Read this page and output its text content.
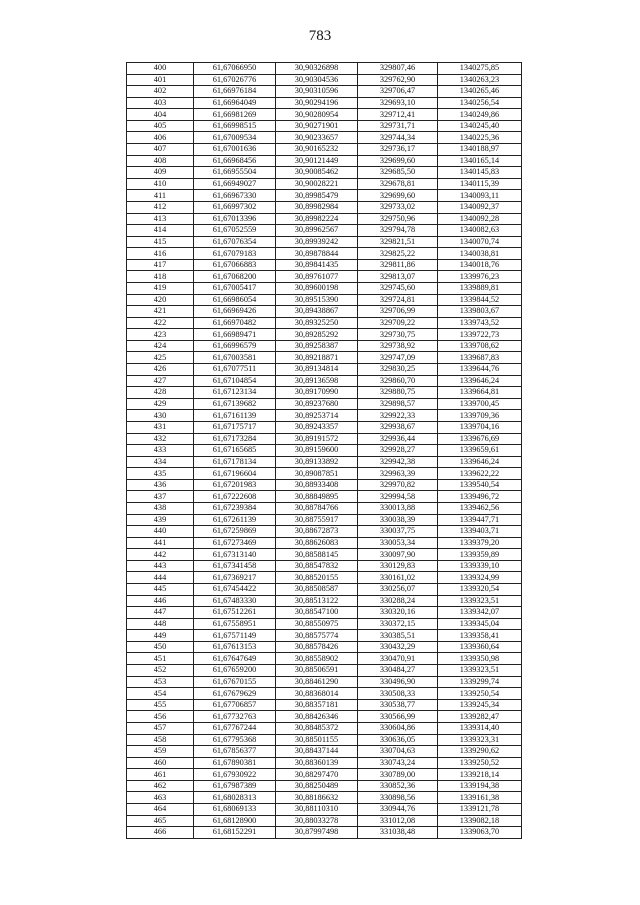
783
400	61,67066950	30,90326898	329807,46	1340275,85
401	61,67026776	30,90304536	329762,90	1340263,23
402	61,66976184	30,90310596	329706,47	1340265,46
403	61,66964049	30,90294196	329693,10	1340256,54
404	61,66981269	30,90280954	329712,41	1340249,86
405	61,66998515	30,90271901	329731,71	1340245,40
406	61,67009534	30,90233657	329744,34	1340225,36
407	61,67001636	30,90165232	329736,17	1340188,97
408	61,66968456	30,90121449	329699,60	1340165,14
409	61,66955504	30,90085462	329685,50	1340145,83
410	61,66949027	30,90028221	329678,81	1340115,39
411	61,66967330	30,89985479	329699,60	1340093,11
412	61,66997302	30,89982984	329733,02	1340092,37
413	61,67013396	30,89982224	329750,96	1340092,28
414	61,67052559	30,89962567	329794,78	1340082,63
415	61,67076354	30,89939242	329821,51	1340070,74
416	61,67079183	30,89878844	329825,22	1340038,81
417	61,67066883	30,89841435	329811,86	1340018,76
418	61,67068200	30,89761077	329813,07	1339976,23
419	61,67005417	30,89600198	329745,60	1339889,81
420	61,66986054	30,89515390	329724,81	1339844,52
421	61,66969426	30,89438867	329706,99	1339803,67
422	61,66970482	30,89325250	329709,22	1339743,52
423	61,66989471	30,89285292	329730,75	1339722,73
424	61,66996579	30,89258387	329738,92	1339708,62
425	61,67003581	30,89218871	329747,09	1339687,83
426	61,67077511	30,89134814	329830,25	1339644,76
427	61,67104854	30,89136598	329860,70	1339646,24
428	61,67123134	30,89170990	329880,75	1339664,81
429	61,67139682	30,89237680	329898,57	1339700,45
430	61,67161139	30,89253714	329922,33	1339709,36
431	61,67175717	30,89243357	329938,67	1339704,16
432	61,67173284	30,89191572	329936,44	1339676,69
433	61,67165685	30,89159600	329928,27	1339659,61
434	61,67178134	30,89133892	329942,38	1339646,24
435	61,67196604	30,89087851	329963,39	1339622,22
436	61,67201983	30,88933408	329970,82	1339540,54
437	61,67222608	30,88849895	329994,58	1339496,72
438	61,67239384	30,88784766	330013,88	1339462,56
439	61,67261139	30,88755917	330038,39	1339447,71
440	61,67259869	30,88672873	330037,75	1339403,71
441	61,67273469	30,88626083	330053,34	1339379,20
442	61,67313140	30,88588145	330097,90	1339359,89
443	61,67341458	30,88547832	330129,83	1339339,10
444	61,67369217	30,88520155	330161,02	1339324,99
445	61,67454422	30,88508587	330256,07	1339320,54
446	61,67483330	30,88513122	330288,24	1339323,51
447	61,67512261	30,88547100	330320,16	1339342,07
448	61,67558951	30,88550975	330372,15	1339345,04
449	61,67571149	30,88575774	330385,51	1339358,41
450	61,67613153	30,88578426	330432,29	1339360,64
451	61,67647649	30,88558902	330470,91	1339350,98
452	61,67659200	30,88506591	330484,27	1339323,51
453	61,67670155	30,88461290	330496,90	1339299,74
454	61,67679629	30,88368014	330508,33	1339250,54
455	61,67706857	30,88357181	330538,77	1339245,34
456	61,67732763	30,88426346	330566,99	1339282,47
457	61,67767244	30,88485372	330604,86	1339314,40
458	61,67795368	30,88501155	330636,05	1339323,31
459	61,67856377	30,88437144	330704,63	1339290,62
460	61,67890381	30,88360139	330743,24	1339250,52
461	61,67930922	30,88297470	330789,00	1339218,14
462	61,67987389	30,88250489	330852,36	1339194,38
463	61,68028313	30,88186632	330898,56	1339161,38
464	61,68069133	30,88110310	330944,76	1339121,78
465	61,68128900	30,88033278	331012,08	1339082,18
466	61,68152291	30,87997498	331038,48	1339063,70
